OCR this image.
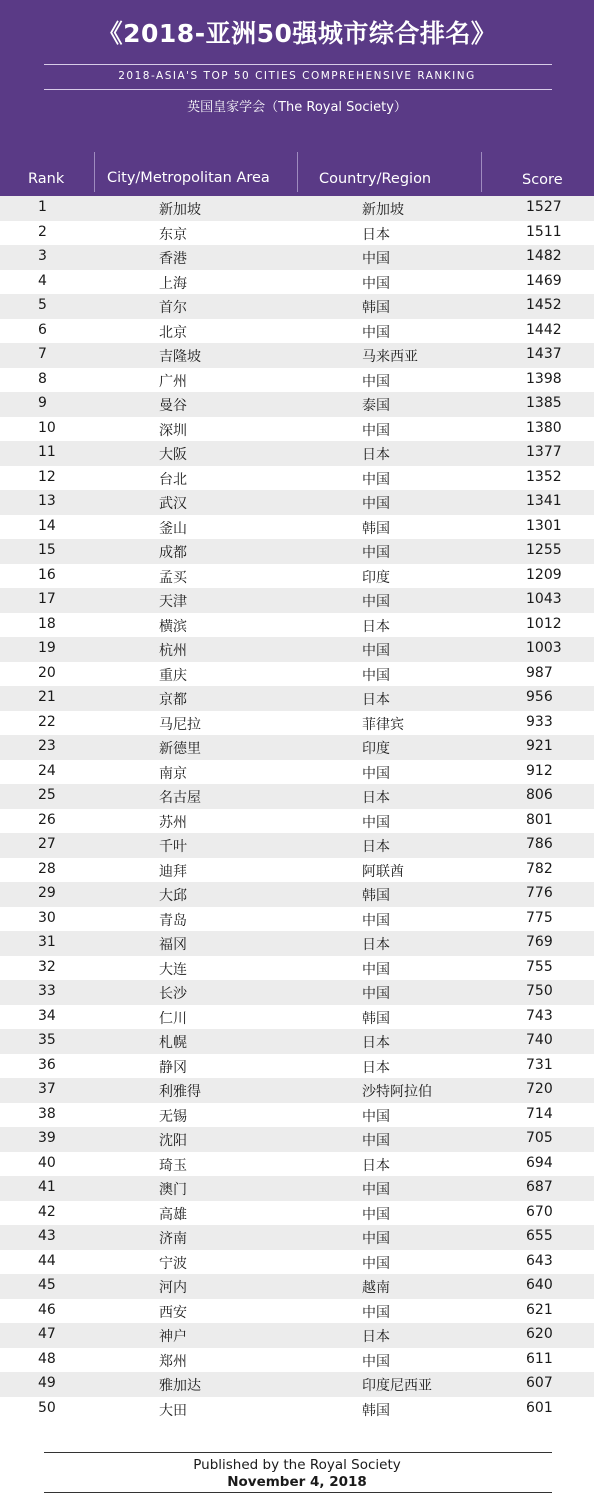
《2018-亚洲50强城市综合排名》
2018-ASIA'S TOP 50 CITIES COMPREHENSIVE RANKING
英国皇家学会（The Royal Society）
Rank	City/Metropolitan Area	Country/Region	Score
1	新加坡	新加坡	1527
2	东京	日本	1511
3	香港	中国	1482
4	上海	中国	1469
5	首尔	韩国	1452
6	北京	中国	1442
7	吉隆坡	马来西亚	1437
8	广州	中国	1398
9	曼谷	泰国	1385
10	深圳	中国	1380
11	大阪	日本	1377
12	台北	中国	1352
13	武汉	中国	1341
14	釜山	韩国	1301
15	成都	中国	1255
16	孟买	印度	1209
17	天津	中国	1043
18	横滨	日本	1012
19	杭州	中国	1003
20	重庆	中国	987
21	京都	日本	956
22	马尼拉	菲律宾	933
23	新德里	印度	921
24	南京	中国	912
25	名古屋	日本	806
26	苏州	中国	801
27	千叶	日本	786
28	迪拜	阿联酋	782
29	大邱	韩国	776
30	青岛	中国	775
31	福冈	日本	769
32	大连	中国	755
33	长沙	中国	750
34	仁川	韩国	743
35	札幌	日本	740
36	静冈	日本	731
37	利雅得	沙特阿拉伯	720
38	无锡	中国	714
39	沈阳	中国	705
40	琦玉	日本	694
41	澳门	中国	687
42	高雄	中国	670
43	济南	中国	655
44	宁波	中国	643
45	河内	越南	640
46	西安	中国	621
47	神户	日本	620
48	郑州	中国	611
49	雅加达	印度尼西亚	607
50	大田	韩国	601
Published by the Royal Society
November 4, 2018
